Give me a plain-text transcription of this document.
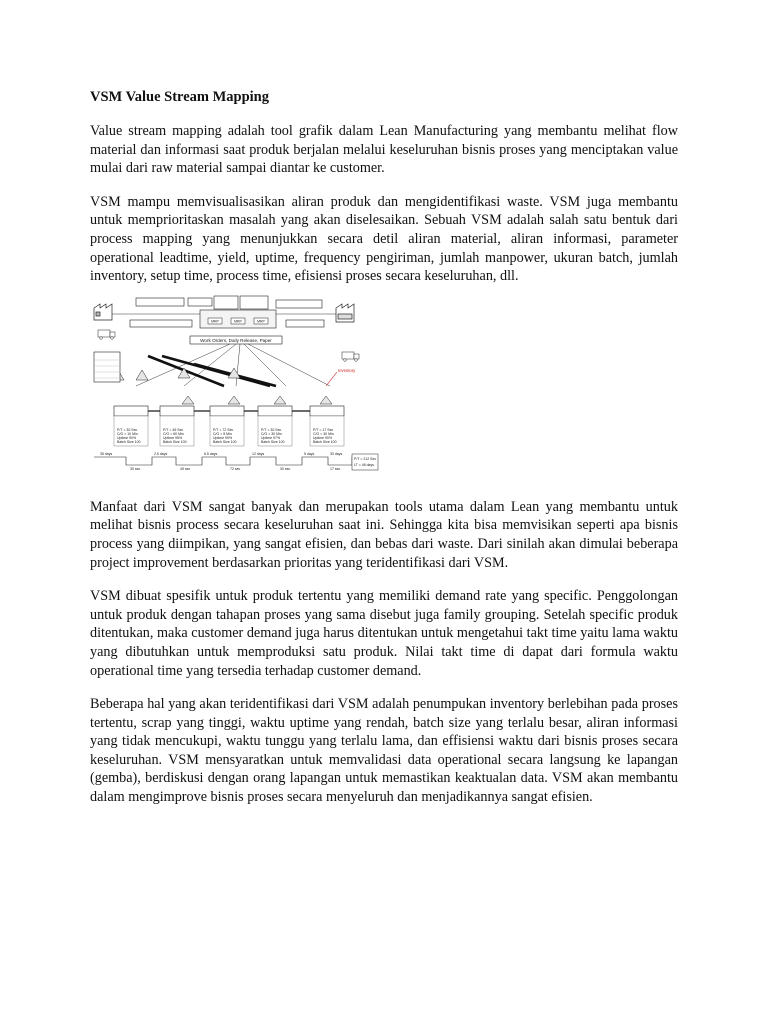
VSM Value Stream Mapping

Value stream mapping adalah tool grafik dalam Lean Manufacturing yang membantu melihat flow material dan informasi saat produk berjalan melalui keseluruhan bisnis proses yang menciptakan value mulai dari raw material sampai diantar ke customer.

VSM mampu memvisualisasikan aliran produk dan mengidentifikasi waste. VSM juga membantu untuk memprioritaskan masalah yang akan diselesaikan. Sebuah VSM adalah salah satu bentuk dari process mapping yang menunjukkan secara detil aliran material, aliran informasi, parameter operational leadtime, yield, uptime, frequency pengiriman, jumlah manpower, ukuran batch, jumlah inventory, setup time, process time, efisiensi proses secara keseluruhan, dll.

MRP	MRP	MRP
Work Orders, Daily Release, Paper
Inventory
P/T = 30 Sec
C/O = 10 Min
Uptime 90%
Batch Size 100
P/T = 45 Sec
C/O = 60 Min
Uptime 95%
Batch Size 100
P/T = 72 Sec
C/O = 5 Min
Uptime 99%
Batch Size 100
P/T = 30 Sec
C/O = 30 Min
Uptime 97%
Batch Size 100
P/T = 17 Sec
C/O = 30 Min
Uptime 90%
Batch Size 100
35 days	2.5 days	6.5 days	12 days	5 days	30 days
30 sec	45 sec	72 sec	30 sec	17 sec
P/T = 212 Sec
LT = 46 days

Manfaat dari VSM sangat banyak dan merupakan tools utama dalam Lean yang membantu untuk melihat bisnis process secara keseluruhan saat ini. Sehingga kita bisa memvisikan seperti apa bisnis process yang diimpikan, yang sangat efisien, dan bebas dari waste. Dari sinilah akan dimulai beberapa project improvement berdasarkan prioritas yang teridentifikasi dari VSM.

VSM dibuat spesifik untuk produk tertentu yang memiliki demand rate yang specific. Penggolongan untuk produk dengan tahapan proses yang sama disebut juga family grouping. Setelah specific produk ditentukan, maka customer demand juga harus ditentukan untuk mengetahui takt time yaitu lama waktu yang dibutuhkan untuk memproduksi satu produk. Nilai takt time di dapat dari formula waktu operational time yang tersedia terhadap customer demand.

Beberapa hal yang akan teridentifikasi dari VSM adalah penumpukan inventory berlebihan pada proses tertentu, scrap yang tinggi, waktu uptime yang rendah, batch size yang terlalu besar, aliran informasi yang tidak mencukupi, waktu tunggu yang terlalu lama, dan effisiensi waktu dari bisnis proses secara keseluruhan. VSM mensyaratkan untuk memvalidasi data operational secara langsung ke lapangan (gemba), berdiskusi dengan orang lapangan untuk memastikan keaktualan data. VSM akan membantu dalam mengimprove bisnis proses secara menyeluruh dan menjadikannya sangat efisien.
